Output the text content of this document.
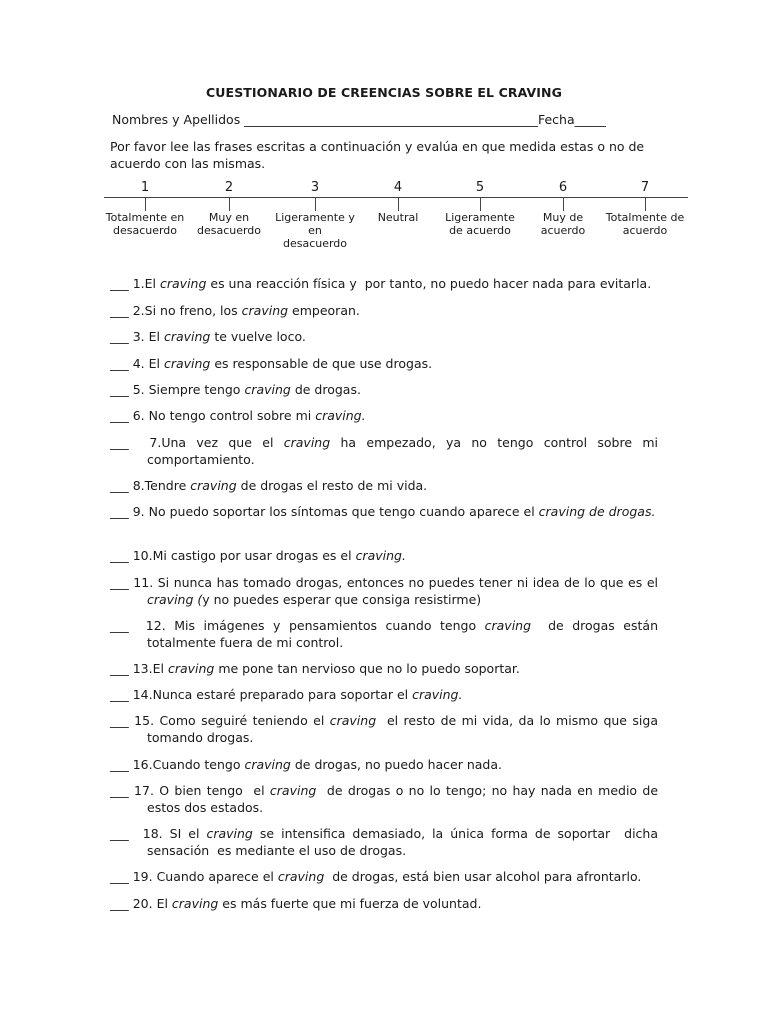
CUESTIONARIO DE CREENCIAS SOBRE EL CRAVING
Nombres y Apellidos _______________________________________________Fecha_____
Por favor lee las frases escritas a continuación y evalúa en que medida estas o no de acuerdo con las mismas.
1
Totalmente en desacuerdo
2
Muy en desacuerdo
3
Ligeramente y en desacuerdo
4
Neutral
5
Ligeramente de acuerdo
6
Muy de acuerdo
7
Totalmente de acuerdo
___ 1.El craving es una reacción física y  por tanto, no puedo hacer nada para evitarla.
___ 2.Si no freno, los craving empeoran.
___ 3. El craving te vuelve loco.
___ 4. El craving es responsable de que use drogas.
___ 5. Siempre tengo craving de drogas.
___ 6. No tengo control sobre mi craving.
___  7.Una vez que el craving ha empezado, ya no tengo control sobre mi comportamiento.
___ 8.Tendre craving de drogas el resto de mi vida.
___ 9. No puedo soportar los síntomas que tengo cuando aparece el craving de drogas.
___ 10.Mi castigo por usar drogas es el craving.
___ 11. Si nunca has tomado drogas, entonces no puedes tener ni idea de lo que es el craving (y no puedes esperar que consiga resistirme)
___  12. Mis imágenes y pensamientos cuando tengo craving  de drogas están totalmente fuera de mi control.
___ 13.El craving me pone tan nervioso que no lo puedo soportar.
___ 14.Nunca estaré preparado para soportar el craving.
___ 15. Como seguiré teniendo el craving  el resto de mi vida, da lo mismo que siga tomando drogas.
___ 16.Cuando tengo craving de drogas, no puedo hacer nada.
___ 17. O bien tengo  el craving  de drogas o no lo tengo; no hay nada en medio de estos dos estados.
___  18. SI el craving se intensifica demasiado, la única forma de soportar  dicha sensación  es mediante el uso de drogas.
___ 19. Cuando aparece el craving  de drogas, está bien usar alcohol para afrontarlo.
___ 20. El craving es más fuerte que mi fuerza de voluntad.
